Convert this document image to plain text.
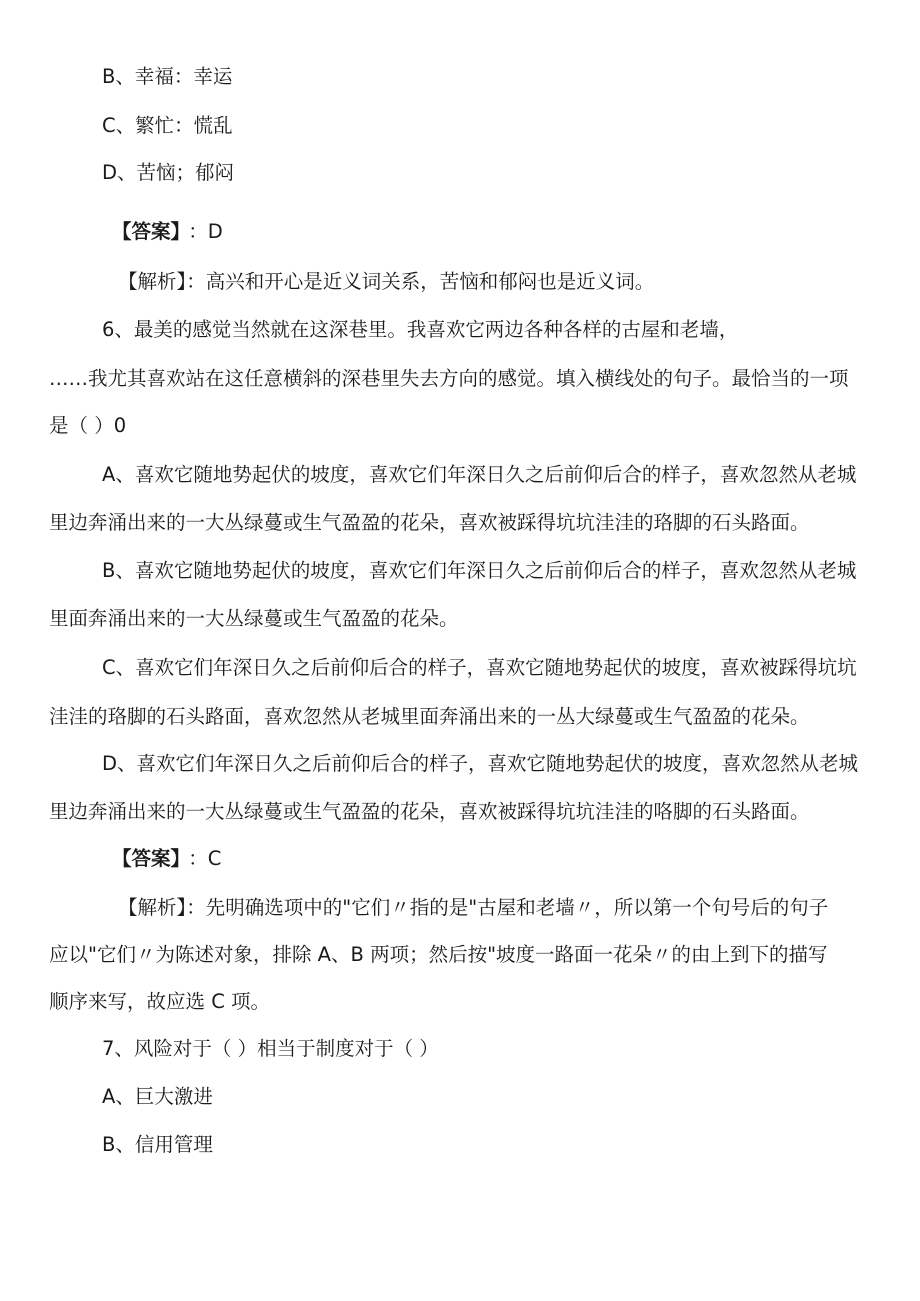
B、幸福：幸运
C、繁忙：慌乱
D、苦恼；郁闷
【答案】 ：D
【解析】：高兴和开心是近义词关系，苦恼和郁闷也是近义词。
6、最美的感觉当然就在这深巷里。我喜欢它两边各种各样的古屋和老墙，
……我尤其喜欢站在这任意横斜的深巷里失去方向的感觉。填入横线处的句子。最恰当的一项
是（ ）0
A、喜欢它随地势起伏的坡度，喜欢它们年深日久之后前仰后合的样子，喜欢忽然从老城
里边奔涌出来的一大丛绿蔓或生气盈盈的花朵，喜欢被踩得坑坑洼洼的珞脚的石头路面。
B、喜欢它随地势起伏的坡度，喜欢它们年深日久之后前仰后合的样子，喜欢忽然从老城
里面奔涌出来的一大丛绿蔓或生气盈盈的花朵。
C、喜欢它们年深日久之后前仰后合的样子，喜欢它随地势起伏的坡度，喜欢被踩得坑坑
洼洼的珞脚的石头路面，喜欢忽然从老城里面奔涌出来的一丛大绿蔓或生气盈盈的花朵。
D、喜欢它们年深日久之后前仰后合的样子，喜欢它随地势起伏的坡度，喜欢忽然从老城
里边奔涌出来的一大丛绿蔓或生气盈盈的花朵，喜欢被踩得坑坑洼洼的咯脚的石头路面。
【答案】 ：C
【解析】：先明确选项中的"它们〃指的是"古屋和老墙〃，所以第一个句号后的句子
应以"它们〃为陈述对象，排除 A、B 两项；然后按"坡度一路面一花朵〃的由上到下的描写
顺序来写，故应选 C 项。
7、风险对于（ ）相当于制度对于（ ）
A、巨大激进
B、信用管理
